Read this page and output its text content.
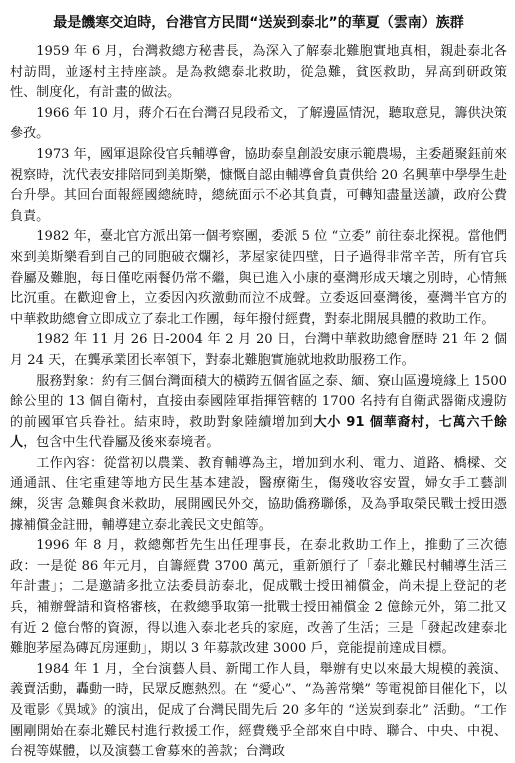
最是饑寒交迫時，台港官方民間“送炭到泰北”的華夏（雲南）族群

1959 年 6 月，台灣救總方秘書長，為深入了解泰北難胞實地真相，親赴泰北各村訪問，並逐村主持座談。是為救總泰北救助，從急難，貧医救助，昇高到研政策性、制度化，有計畫的做法。

1966 年 10 月，蔣介石在台灣召見段希文，了解邊區情況，聽取意見，籌供決策參孜。

1973 年，國軍退除役官兵輔導會，協助泰皇創設安康示範農場，主委趙聚鈺前來視察時，沈代表安排陪同到美斯樂，慷慨自認由輔導會負責供给 20 名興華中學學生赴台升學。其回台面報經國總統時，總統面示不必其負責，可轉知盡量送讀，政府公費負責。

1982 年，臺北官方派出第一個考察團，委派 5 位 “立委” 前往泰北探視。當他們來到美斯樂看到自己的同胞破衣爛衫，茅屋家徒四壁，日子過得非常辛苦，所有官兵眷屬及難胞，每日僅吃兩餐仍常不繼，與已進入小康的臺灣形成天壤之別時，心情無比沉重。在歡迎會上，立委因內疚激動而泣不成聲。立委返回臺灣後，臺灣半官方的中華救助總會立即成立了泰北工作團，每年撥付經費，對泰北開展具體的救助工作。

1982 年 11 月 26 日-2004 年 2 月 20 日，台灣中華救助總會歷時 21 年 2 個月 24 天，在龔承業团长率領下，對泰北難胞實施就地救助服務工作。

服務對象：約有三個台灣面積大的橫跨五個省區之泰、緬、寮山區邊境緣上 1500 餘公里的 13 個自衛村，直接由泰國陸軍指揮管轄的 1700 名持有自衛武器衛戍邊防的前國軍官兵眷社。結束時，救助對象陸續增加到大小 91 個華裔村，七萬六千餘人，包含中生代眷屬及後來泰境者。

工作內容：從當初以農業、教育輔導為主，增加到水利、電力、道路、橋樑、交通通訊、住宅重建等地方民生基本建設，醫療衛生，傷殘收容安置，婦女手工藝訓練，災害 急難與食米救助，展開國民外交，協助僑務聯係，及為爭取榮民戰士授田憑據補償金註冊，輔導建立泰北義民文史館等。

1996 年 8 月，救總鄭哲先生出任理事長，在泰北救助工作上，推動了三次德政：一是從 86 年元月，自籌經費 3700 萬元，重新頒行了「泰北難民村輔導生活三年計畫」；二是邀請多批立法委員訪泰北，促成戰士授田補償金，尚未提上登記的老兵，補辦聲請和資格審核，在救總爭取第一批戰士授田補償金 2 億餘元外，第二批又有近 2 億台幣的資源，得以進入泰北老兵的家庭，改善了生活；三是「發起改建泰北難胞茅屋為磚瓦房運動」，期以 3 年募款改建 3000 戶，竟能提前達成目標。

1984 年 1 月，全台演藝人員、新聞工作人員，舉辦有史以來最大規模的義演、義賣活動，轟動一時，民眾反應熱烈。在 “愛心”、“為善常樂” 等電視節目催化下，以及電影《異域》的演出，促成了台灣民間先后 20 多年的 “送炭到泰北” 活動。“工作團剛開始在泰北難民村進行救援工作，經費幾乎全部來自中時、聯合、中央、中視、台視等媒體，以及演藝工會募來的善款；台灣政
